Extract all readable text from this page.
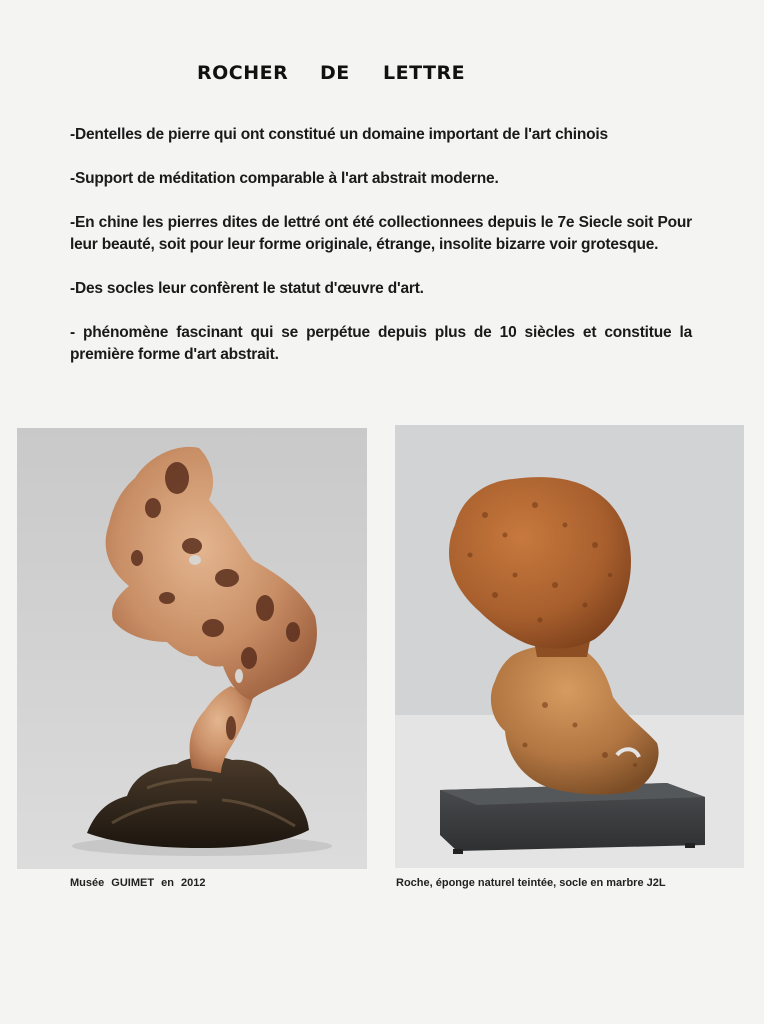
ROCHER DE LETTRE

-Dentelles de pierre qui ont constitué un domaine important de l'art chinois

-Support de méditation comparable à l'art abstrait moderne.

-En chine les pierres dites de lettré ont été collectionnees depuis le 7e Siecle soit Pour leur beauté, soit pour leur forme originale, étrange, insolite bizarre voir grotesque.

-Des socles leur confèrent le statut d'œuvre d'art.

- phénomène fascinant qui se perpétue depuis plus de 10 siècles et constitue la première forme d'art abstrait.

Musée GUIMET en 2012	Roche, éponge naturel teintée, socle en marbre J2L
